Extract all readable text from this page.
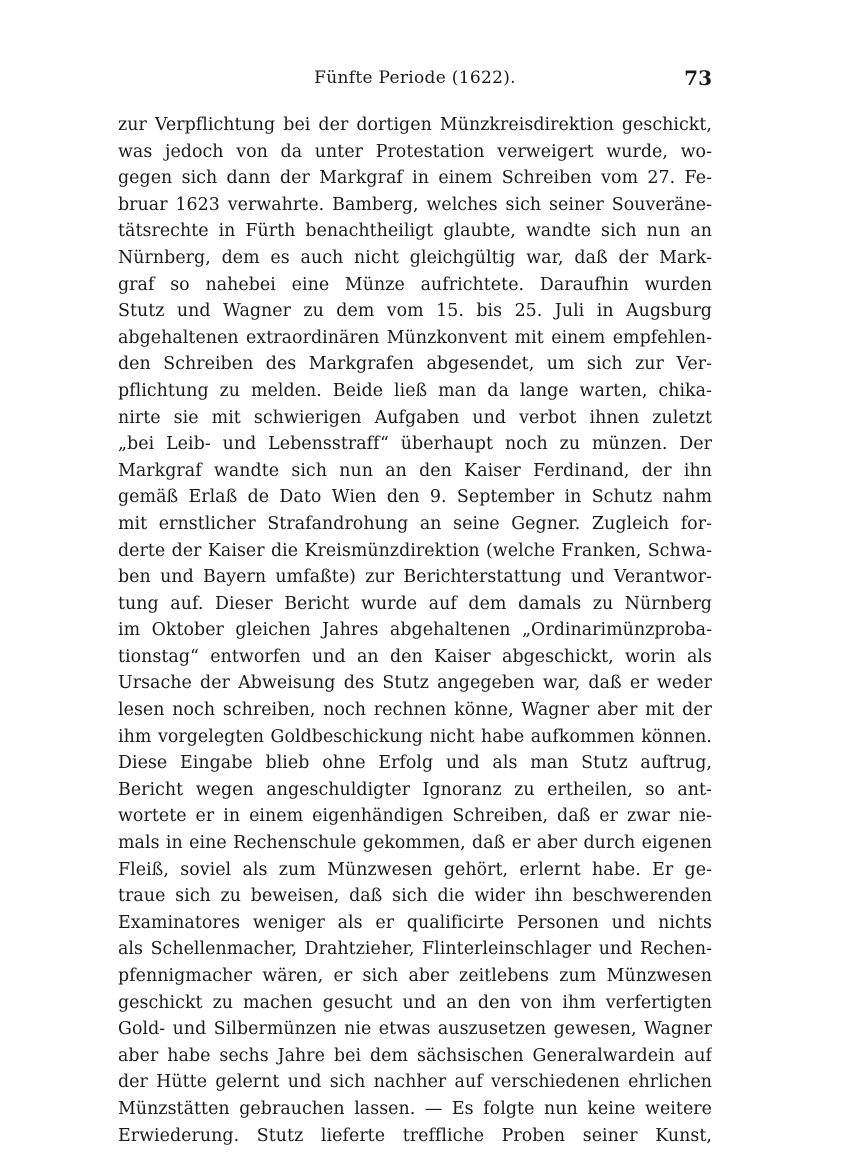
Fünfte Periode (1622).	73
zur Verpflichtung bei der dortigen Münzkreisdirektion geschickt,
was jedoch von da unter Protestation verweigert wurde, wo-
gegen sich dann der Markgraf in einem Schreiben vom 27. Fe-
bruar 1623 verwahrte. Bamberg, welches sich seiner Souveräne-
tätsrechte in Fürth benachtheiligt glaubte, wandte sich nun an
Nürnberg, dem es auch nicht gleichgültig war, daß der Mark-
graf so nahebei eine Münze aufrichtete. Daraufhin wurden
Stutz und Wagner zu dem vom 15. bis 25. Juli in Augsburg
abgehaltenen extraordinären Münzkonvent mit einem empfehlen-
den Schreiben des Markgrafen abgesendet, um sich zur Ver-
pflichtung zu melden. Beide ließ man da lange warten, chika-
nirte sie mit schwierigen Aufgaben und verbot ihnen zuletzt
„bei Leib- und Lebensstraff“ überhaupt noch zu münzen. Der
Markgraf wandte sich nun an den Kaiser Ferdinand, der ihn
gemäß Erlaß de Dato Wien den 9. September in Schutz nahm
mit ernstlicher Strafandrohung an seine Gegner. Zugleich for-
derte der Kaiser die Kreismünzdirektion (welche Franken, Schwa-
ben und Bayern umfaßte) zur Berichterstattung und Verantwor-
tung auf. Dieser Bericht wurde auf dem damals zu Nürnberg
im Oktober gleichen Jahres abgehaltenen „Ordinarimünzproba-
tionstag“ entworfen und an den Kaiser abgeschickt, worin als
Ursache der Abweisung des Stutz angegeben war, daß er weder
lesen noch schreiben, noch rechnen könne, Wagner aber mit der
ihm vorgelegten Goldbeschickung nicht habe aufkommen können.
Diese Eingabe blieb ohne Erfolg und als man Stutz auftrug,
Bericht wegen angeschuldigter Ignoranz zu ertheilen, so ant-
wortete er in einem eigenhändigen Schreiben, daß er zwar nie-
mals in eine Rechenschule gekommen, daß er aber durch eigenen
Fleiß, soviel als zum Münzwesen gehört, erlernt habe. Er ge-
traue sich zu beweisen, daß sich die wider ihn beschwerenden
Examinatores weniger als er qualificirte Personen und nichts
als Schellenmacher, Drahtzieher, Flinterleinschlager und Rechen-
pfennigmacher wären, er sich aber zeitlebens zum Münzwesen
geschickt zu machen gesucht und an den von ihm verfertigten
Gold- und Silbermünzen nie etwas auszusetzen gewesen, Wagner
aber habe sechs Jahre bei dem sächsischen Generalwardein auf
der Hütte gelernt und sich nachher auf verschiedenen ehrlichen
Münzstätten gebrauchen lassen. — Es folgte nun keine weitere
Erwiederung. Stutz lieferte treffliche Proben seiner Kunst,
